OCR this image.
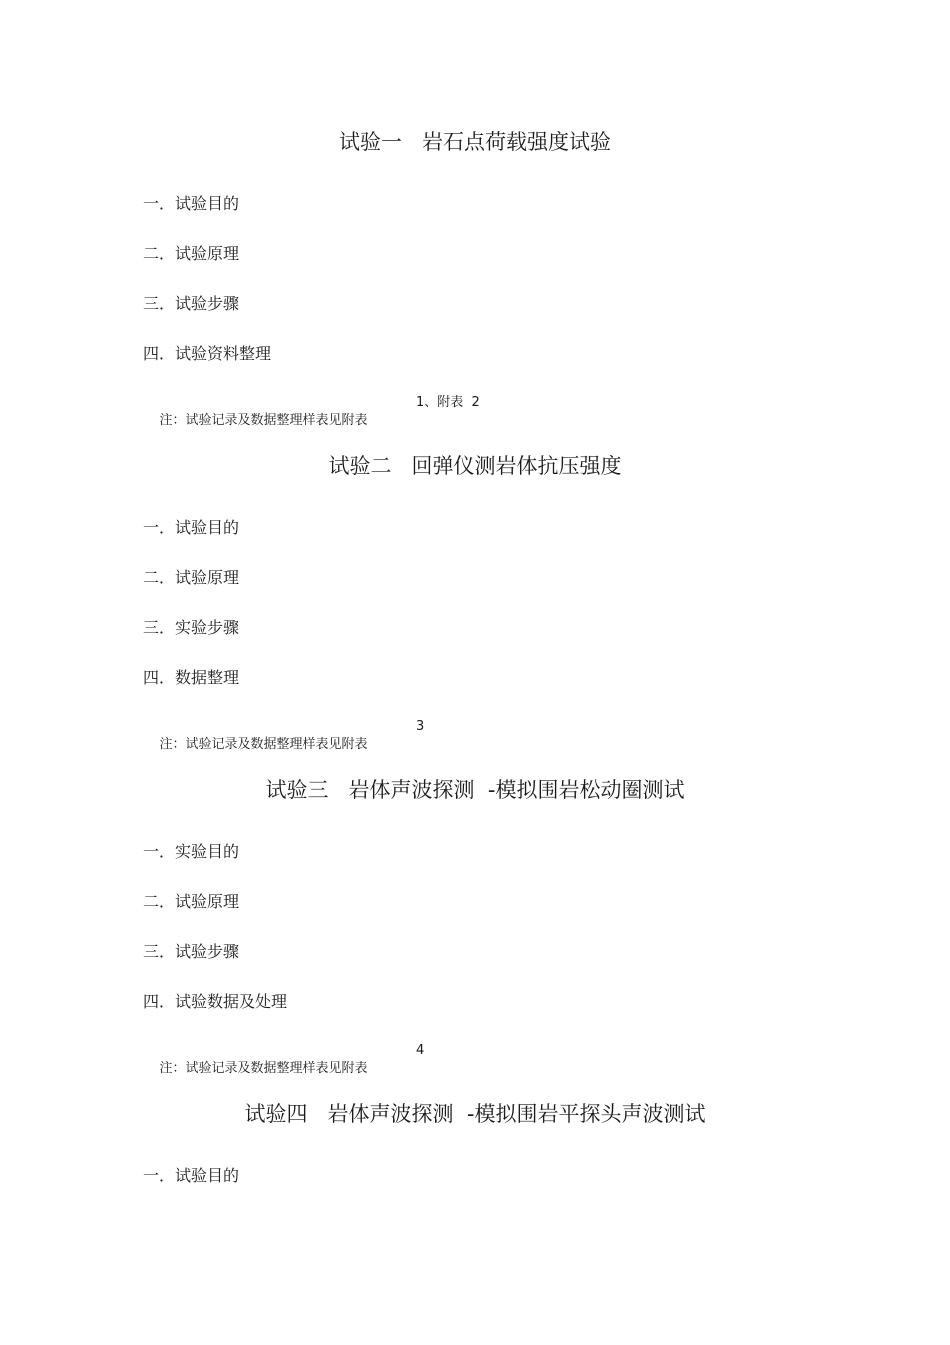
试验一   岩石点荷载强度试验
一．试验目的
二．试验原理
三．试验步骤
四．试验资料整理

注：试验记录及数据整理样表见附表

1、附表  2

试验二   回弹仪测岩体抗压强度
一．试验目的
二．试验原理
三．实验步骤
四．数据整理

注：试验记录及数据整理样表见附表

3

试验三   岩体声波探测  -模拟围岩松动圈测试
一．实验目的
二．试验原理
三．试验步骤
四．试验数据及处理

注：试验记录及数据整理样表见附表

4

试验四   岩体声波探测  -模拟围岩平探头声波测试
一．试验目的
